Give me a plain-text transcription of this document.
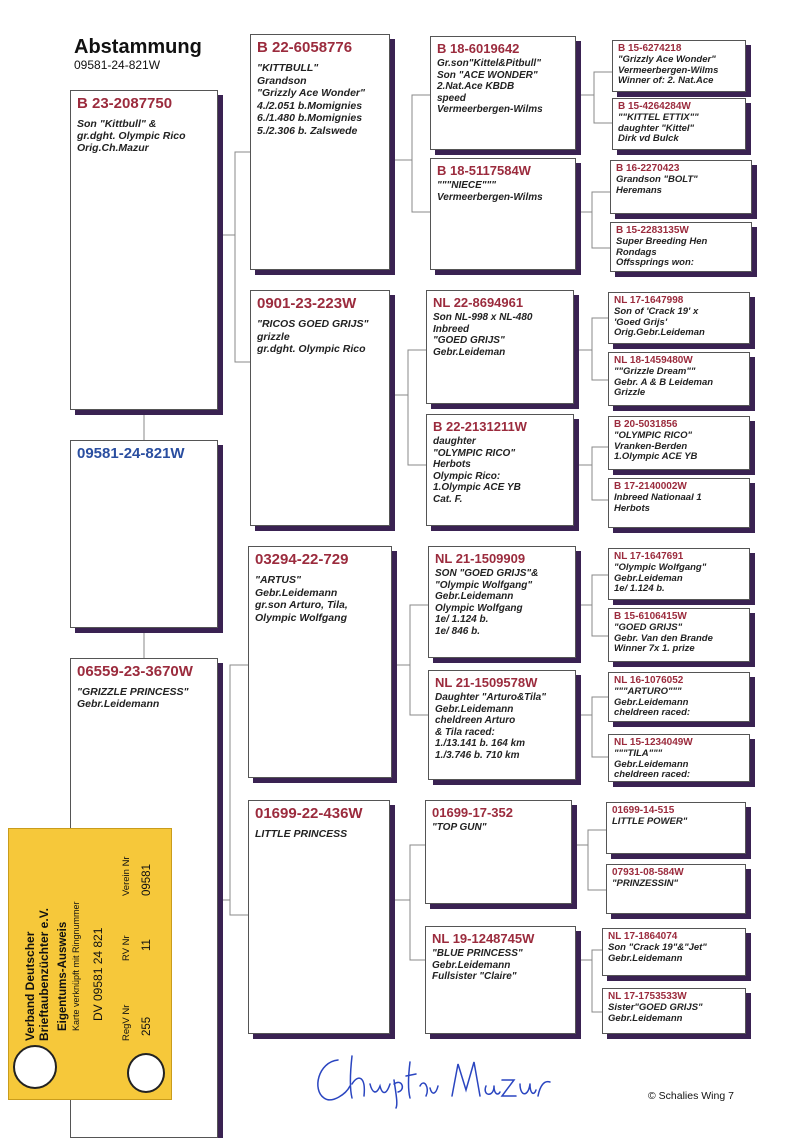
Abstammung
09581-24-821W
09581-24-821W
B 23-2087750
Son "Kittbull" &
gr.dght. Olympic Rico
Orig.Ch.Mazur
06559-23-3670W
"GRIZZLE PRINCESS"
Gebr.Leidemann
B 22-6058776
"KITTBULL"
Grandson
"Grizzly Ace Wonder"
4./2.051 b.Momignies
6./1.480 b.Momignies
5./2.306 b. Zalswede
0901-23-223W
"RICOS GOED GRIJS"
grizzle
gr.dght. Olympic Rico
03294-22-729
"ARTUS"
Gebr.Leidemann
gr.son Arturo, Tila,
Olympic Wolfgang
01699-22-436W
LITTLE PRINCESS
B 18-6019642
Gr.son"Kittel&Pitbull"
Son "ACE WONDER"
2.Nat.Ace KBDB
speed
Vermeerbergen-Wilms
B 18-5117584W
"""NIECE"""
Vermeerbergen-Wilms
NL 22-8694961
Son NL-998 x NL-480
Inbreed
"GOED GRIJS"
Gebr.Leideman
B 22-2131211W
daughter
"OLYMPIC RICO"
Herbots
Olympic Rico:
1.Olympic ACE YB
Cat. F.
NL 21-1509909
SON "GOED GRIJS"&
"Olympic Wolfgang"
Gebr.Leidemann
Olympic Wolfgang
1e/ 1.124 b.
1e/ 846 b.
NL 21-1509578W
Daughter "Arturo&Tila"
Gebr.Leidemann
cheldreen Arturo
& Tila raced:
1./13.141 b. 164 km
1./3.746 b. 710 km
01699-17-352
"TOP GUN"
NL 19-1248745W
"BLUE PRINCESS"
Gebr.Leidemann
Fullsister "Claire"
B 15-6274218
"Grizzly Ace Wonder"
Vermeerbergen-Wilms
Winner of: 2. Nat.Ace
B 15-4264284W
""KITTEL ETTIX""
daughter "Kittel"
Dirk vd Bulck
B 16-2270423
Grandson "BOLT"
Heremans
B 15-2283135W
Super Breeding Hen
Rondags
Offssprings won:
NL 17-1647998
Son of 'Crack 19' x
'Goed Grijs'
Orig.Gebr.Leideman
NL 18-1459480W
""Grizzle Dream""
Gebr. A & B Leideman
Grizzle
B 20-5031856
"OLYMPIC RICO"
Vranken-Berden
1.Olympic ACE YB
B 17-2140002W
Inbreed Nationaal 1
Herbots
NL 17-1647691
"Olympic Wolfgang"
Gebr.Leideman
1e/ 1.124 b.
B 15-6106415W
"GOED GRIJS"
Gebr. Van den Brande
Winner 7x 1. prize
NL 16-1076052
"""ARTURO"""
Gebr.Leidemann
cheldreen raced:
NL 15-1234049W
"""TILA"""
Gebr.Leidemann
cheldreen raced:
01699-14-515
LITTLE POWER"
07931-08-584W
"PRINZESSIN"
NL 17-1864074
Son "Crack 19"&"Jet"
Gebr.Leidemann
NL 17-1753533W
Sister"GOED GRIJS"
Gebr.Leidemann
Verband Deutscher Brieftaubenzüchter e.V. Eigentums-Ausweis Karte verknüpft mit Ringnummer DV 09581 24 821
RegV Nr
RV Nr
Verein Nr
255
11
09581
© Schalies Wing 7
